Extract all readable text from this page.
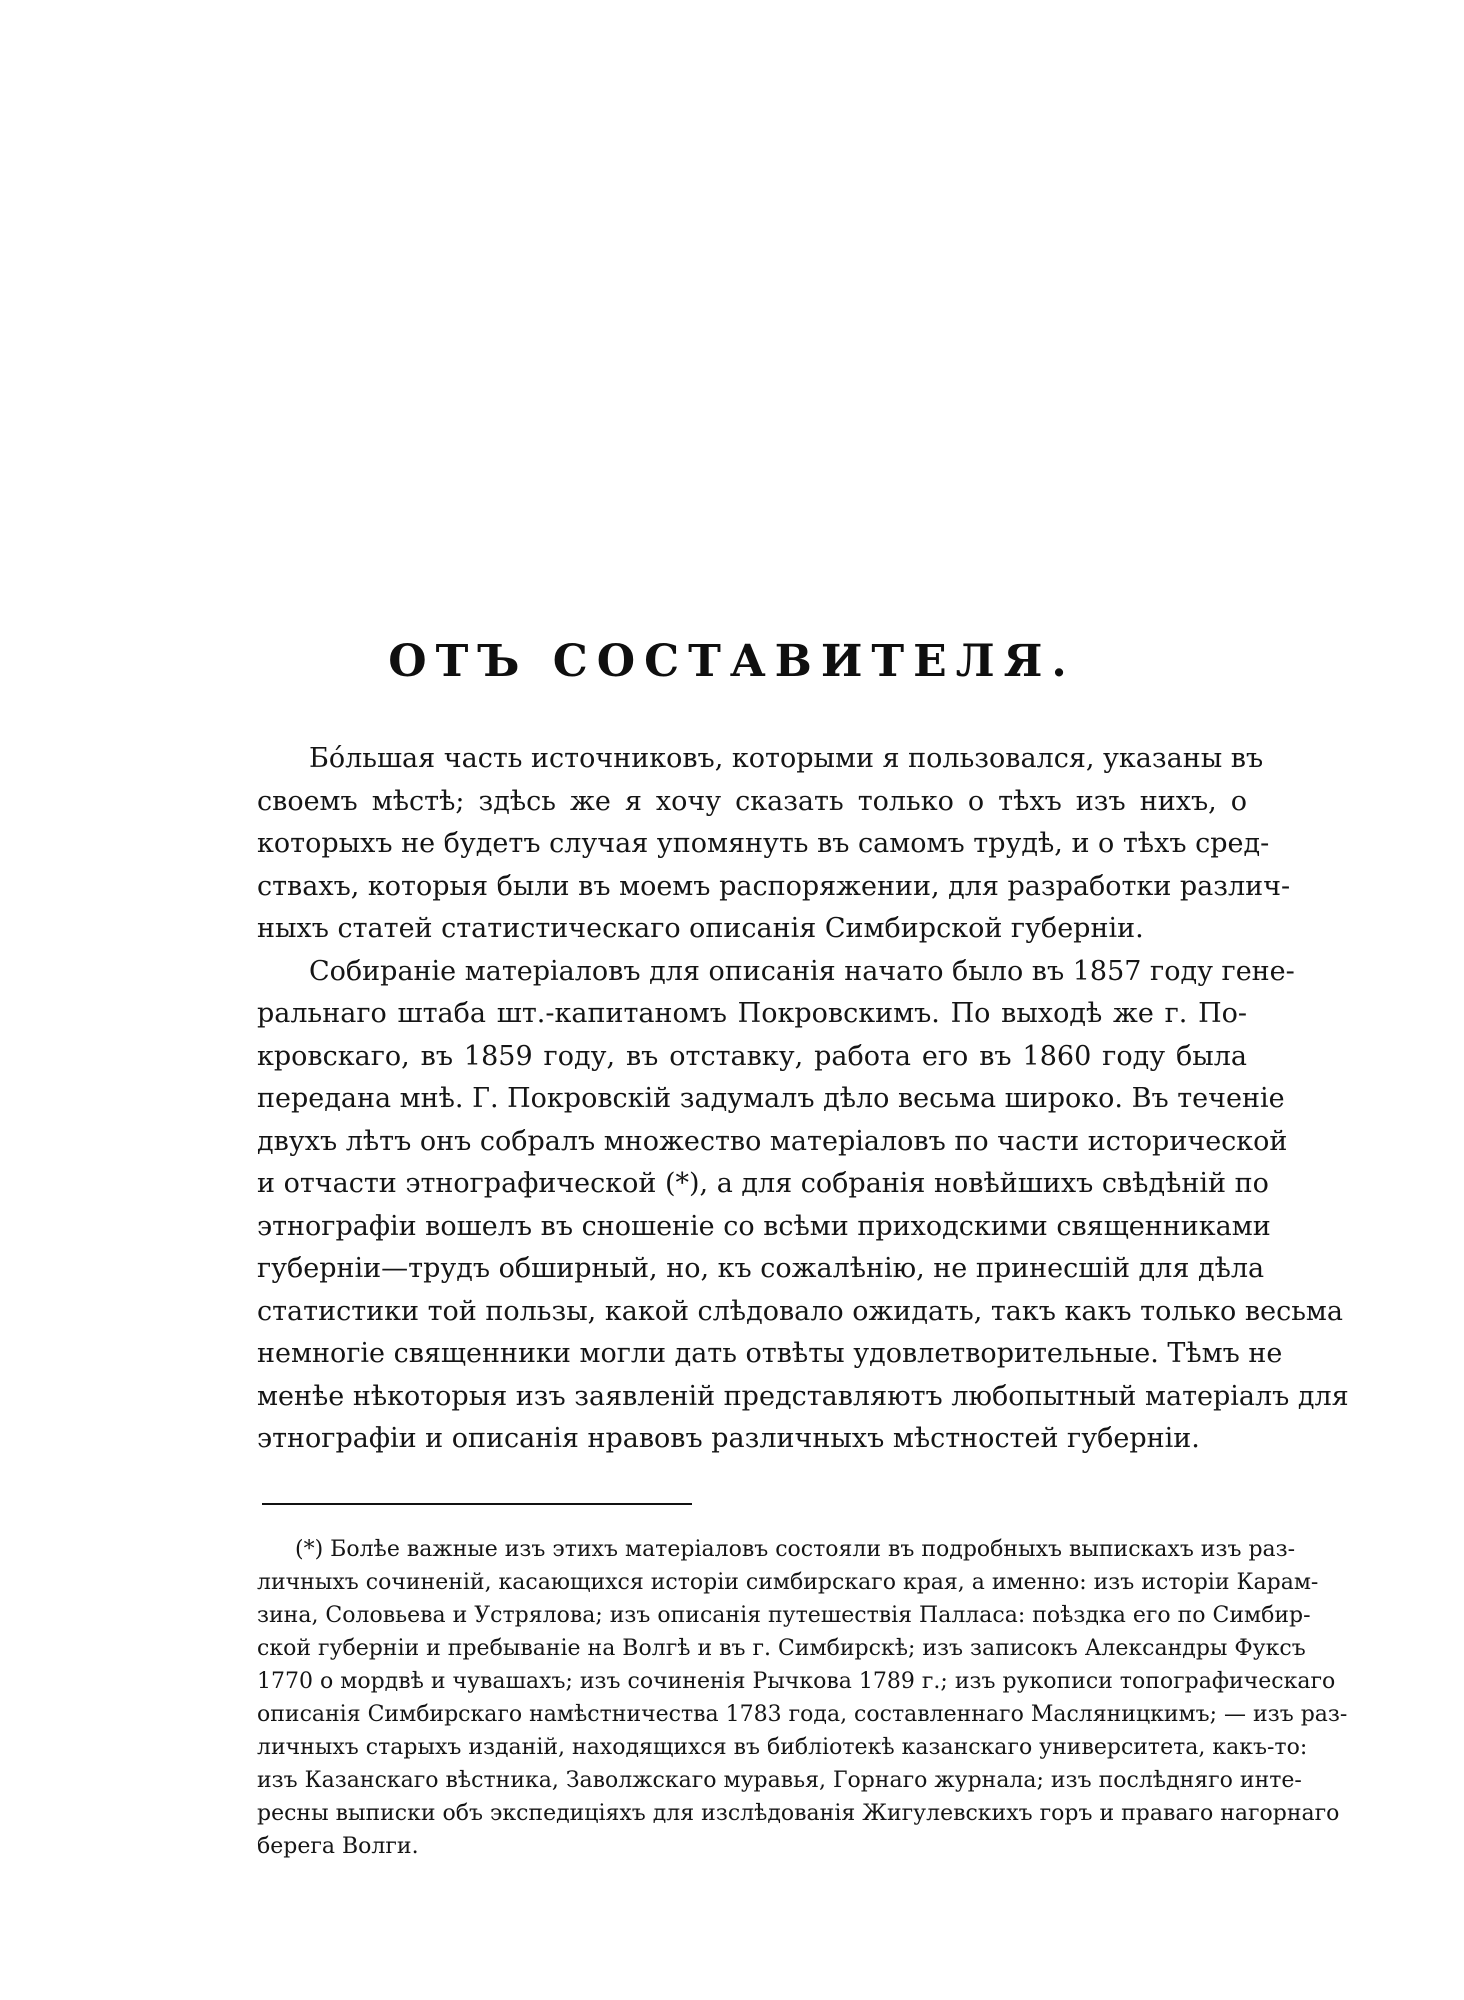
ОТЪ СОСТАВИТЕЛЯ.
Бо́льшая часть источниковъ, которыми я пользовался, указаны въ
своемъ мѣстѣ; здѣсь же я хочу сказать только о тѣхъ изъ нихъ, о
которыхъ не будетъ случая упомянуть въ самомъ трудѣ, и о тѣхъ сред-
ствахъ, которыя были въ моемъ распоряжении, для разработки различ-
ныхъ статей статистическаго описанія Симбирской губерніи.
Собираніе матеріаловъ для описанія начато было въ 1857 году гене-
ральнаго штаба шт.-капитаномъ Покровскимъ. По выходѣ же г. По-
кровскаго, въ 1859 году, въ отставку, работа его въ 1860 году была
передана мнѣ. Г. Покровскій задумалъ дѣло весьма широко. Въ теченіе
двухъ лѣтъ онъ собралъ множество матеріаловъ по части исторической
и отчасти этнографической (*), а для собранія новѣйшихъ свѣдѣній по
этнографіи вошелъ въ сношеніе со всѣми приходскими священниками
губерніи—трудъ обширный, но, къ сожалѣнію, не принесшій для дѣла
статистики той пользы, какой слѣдовало ожидать, такъ какъ только весьма
немногіе священники могли дать отвѣты удовлетворительные. Тѣмъ не
менѣе нѣкоторыя изъ заявленій представляютъ любопытный матеріалъ для
этнографіи и описанія нравовъ различныхъ мѣстностей губерніи.
(*) Болѣе важные изъ этихъ матеріаловъ состояли въ подробныхъ выпискахъ изъ раз-
личныхъ сочиненій, касающихся исторіи симбирскаго края, а именно: изъ исторіи Карам-
зина, Соловьева и Устрялова; изъ описанія путешествія Палласа: поѣздка его по Симбир-
ской губерніи и пребываніе на Волгѣ и въ г. Симбирскѣ; изъ записокъ Александры Фуксъ
1770 о мордвѣ и чувашахъ; изъ сочиненія Рычкова 1789 г.; изъ рукописи топографическаго
описанія Симбирскаго намѣстничества 1783 года, составленнаго Масляницкимъ; — изъ раз-
личныхъ старыхъ изданій, находящихся въ библіотекѣ казанскаго университета, какъ-то:
изъ Казанскаго вѣстника, Заволжскаго муравья, Горнаго журнала; изъ послѣдняго инте-
ресны выписки объ экспедиціяхъ для изслѣдованія Жигулевскихъ горъ и праваго нагорнаго
берега Волги.
